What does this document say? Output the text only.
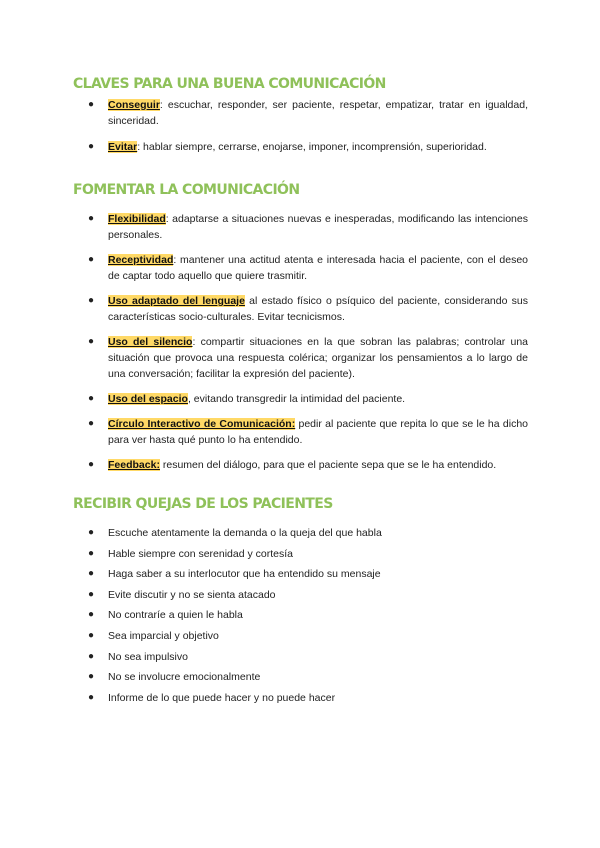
CLAVES PARA UNA BUENA COMUNICACIÓN
● Conseguir: escuchar, responder, ser paciente, respetar, empatizar, tratar en igualdad, sinceridad.
● Evitar: hablar siempre, cerrarse, enojarse, imponer, incomprensión, superioridad.
FOMENTAR LA COMUNICACIÓN
● Flexibilidad: adaptarse a situaciones nuevas e inesperadas, modificando las intenciones personales.
● Receptividad: mantener una actitud atenta e interesada hacia el paciente, con el deseo de captar todo aquello que quiere trasmitir.
● Uso adaptado del lenguaje al estado físico o psíquico del paciente, considerando sus características socio-culturales. Evitar tecnicismos.
● Uso del silencio: compartir situaciones en la que sobran las palabras; controlar una situación que provoca una respuesta colérica; organizar los pensamientos a lo largo de una conversación; facilitar la expresión del paciente).
● Uso del espacio, evitando transgredir la intimidad del paciente.
● Círculo Interactivo de Comunicación: pedir al paciente que repita lo que se le ha dicho para ver hasta qué punto lo ha entendido.
● Feedback: resumen del diálogo, para que el paciente sepa que se le ha entendido.
RECIBIR QUEJAS DE LOS PACIENTES
● Escuche atentamente la demanda o la queja del que habla
● Hable siempre con serenidad y cortesía
● Haga saber a su interlocutor que ha entendido su mensaje
● Evite discutir y no se sienta atacado
● No contraríe a quien le habla
● Sea imparcial y objetivo
● No sea impulsivo
● No se involucre emocionalmente
● Informe de lo que puede hacer y no puede hacer
